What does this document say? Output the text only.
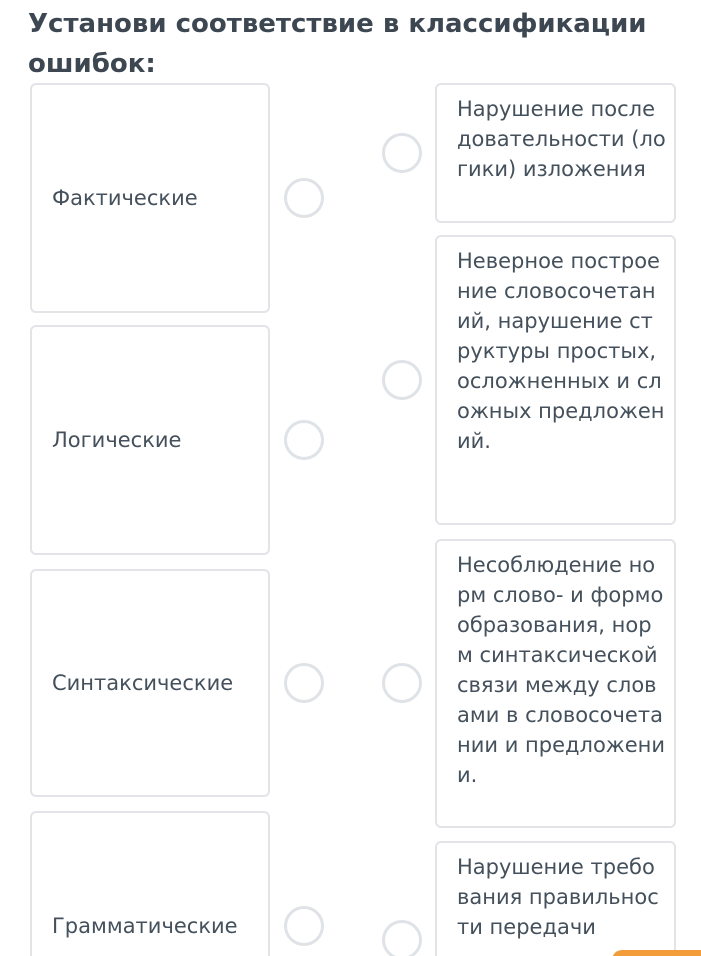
Установи соответствие в классификации ошибок:
Фактические
Логические
Синтаксические
Грамматические
Нарушение последовательности (логики) изложения
Неверное построение словосочетаний, нарушение структуры простых, осложненных и сложных предложений.
Несоблюдение норм слово- и формообразования, норм синтаксической связи между словами в словосочетании и предложении.
Нарушение требования правильности передачи
